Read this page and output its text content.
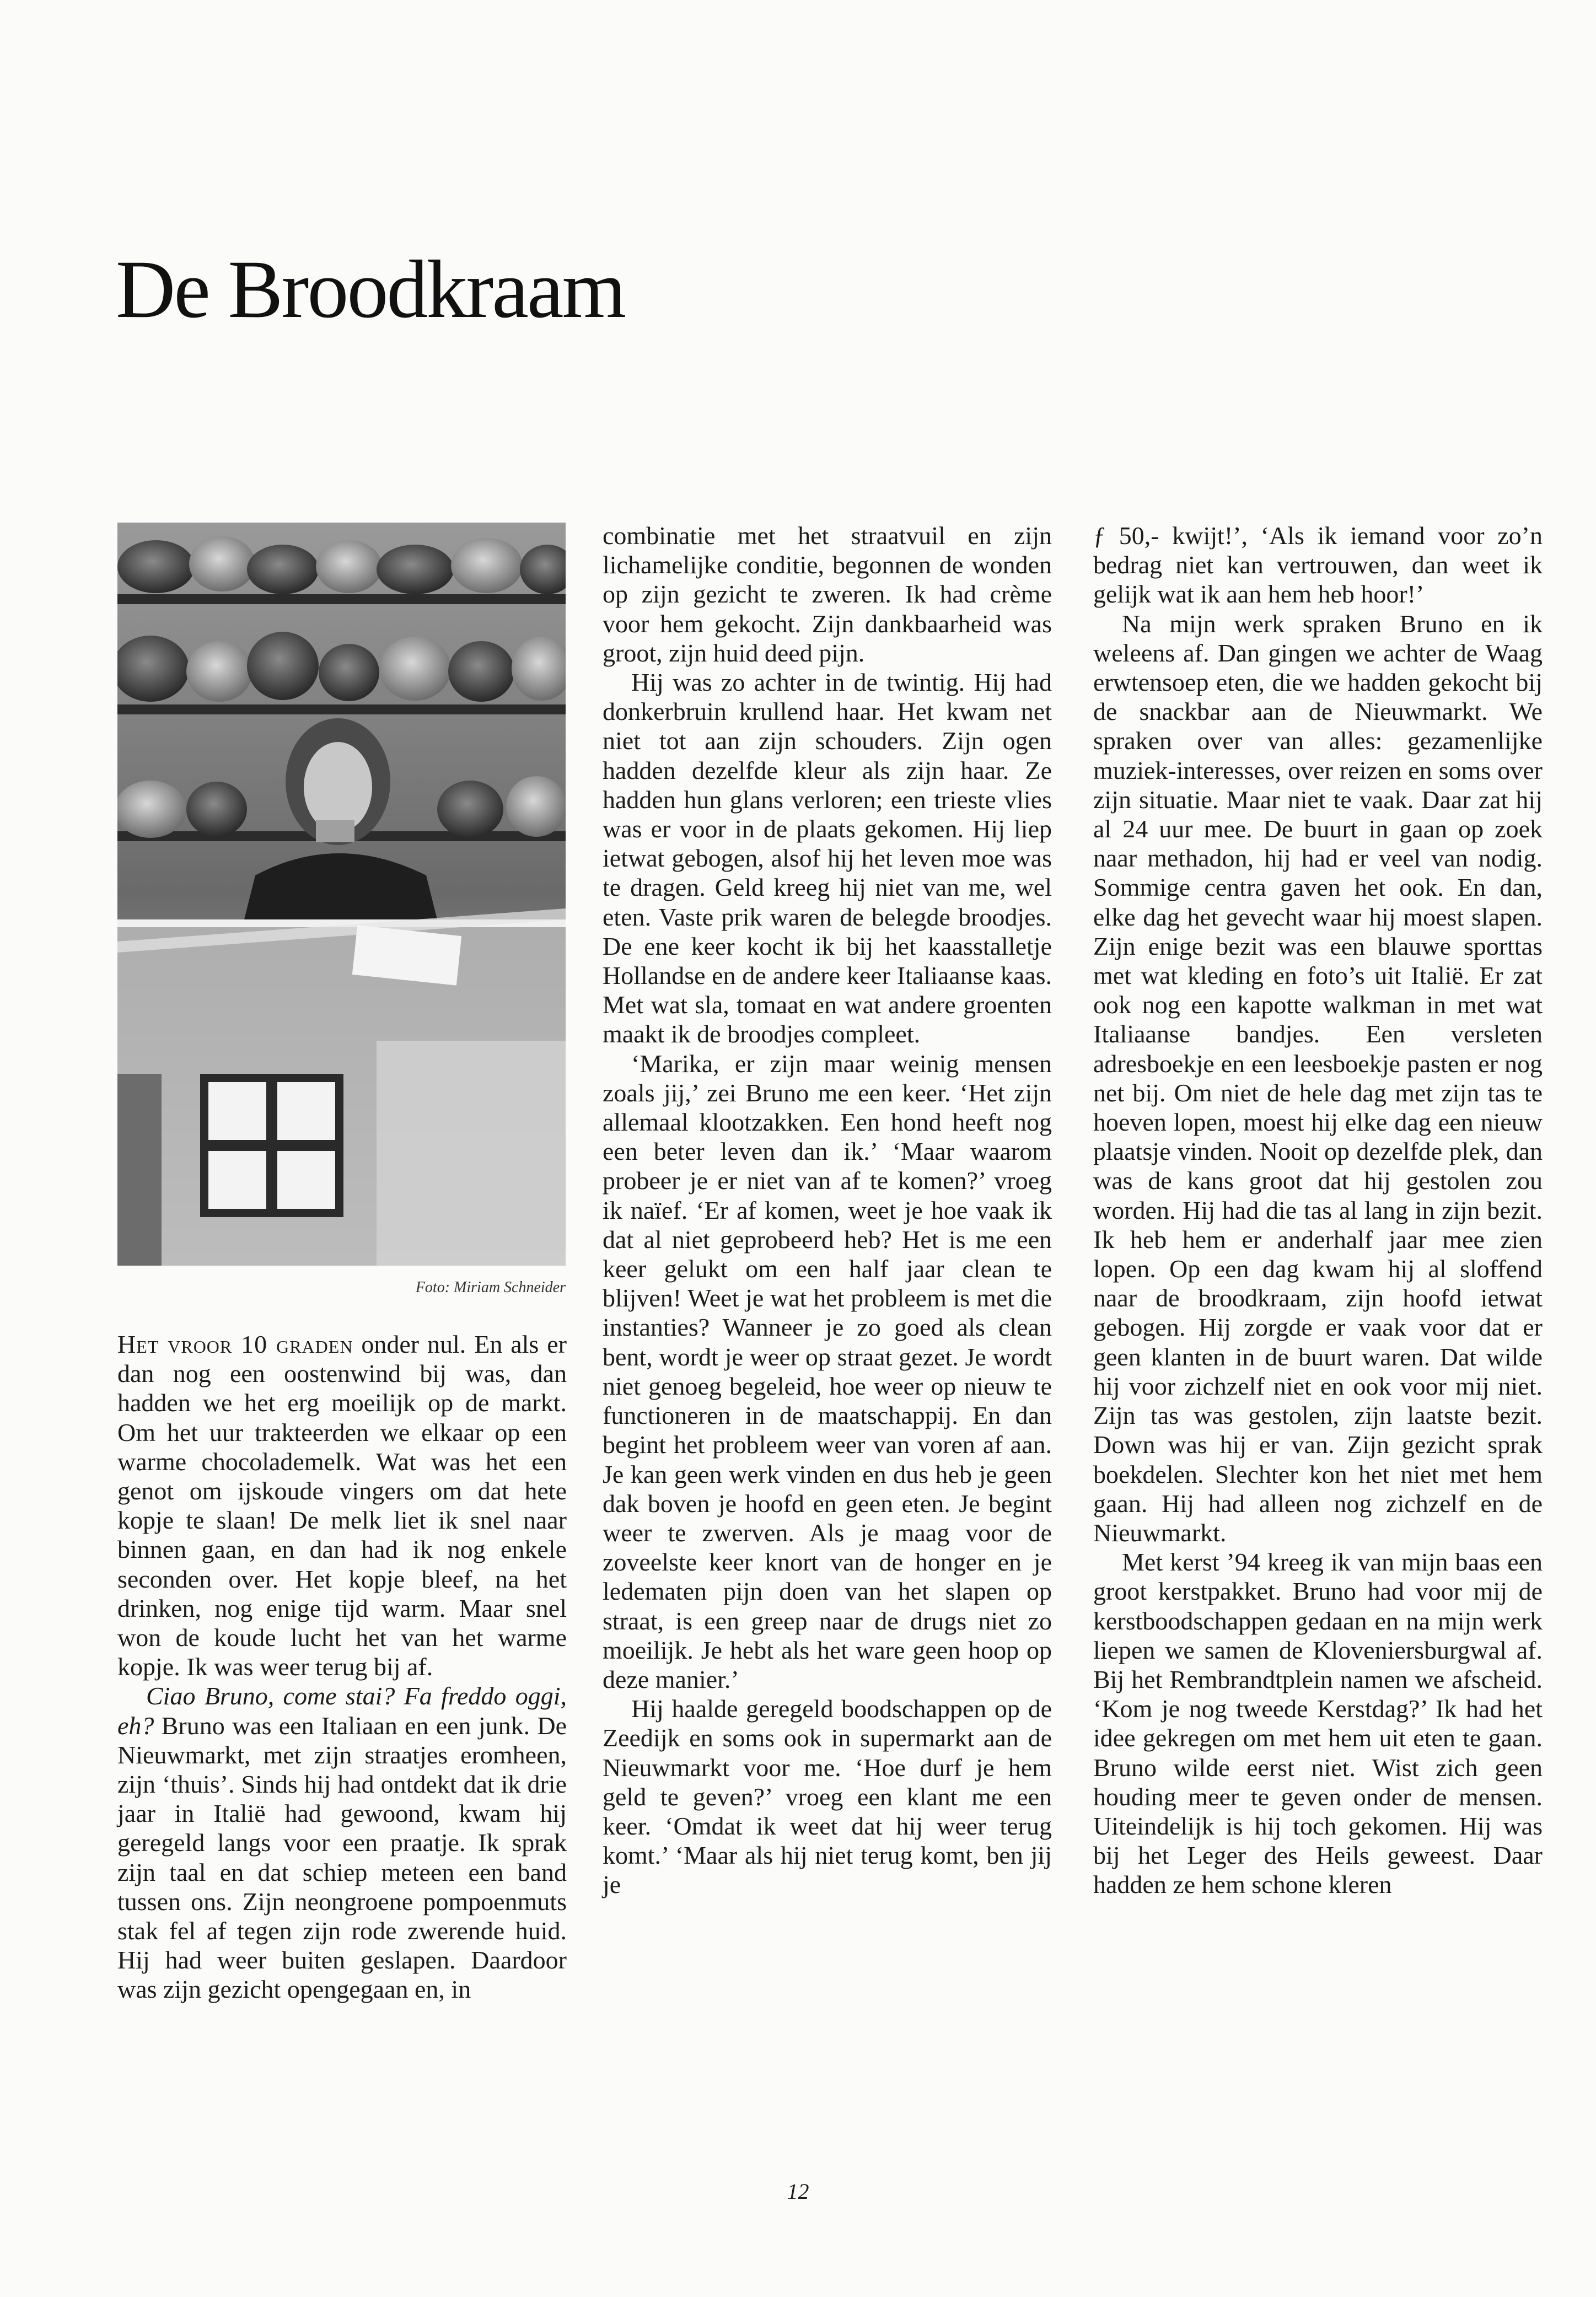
De Broodkraam
Foto: Miriam Schneider

Het vroor 10 graden onder nul. En als er dan nog een oostenwind bij was, dan hadden we het erg moeilijk op de markt. Om het uur trakteerden we elkaar op een warme chocolademelk. Wat was het een genot om ijskoude vingers om dat hete kopje te slaan! De melk liet ik snel naar binnen gaan, en dan had ik nog enkele seconden over. Het kopje bleef, na het drinken, nog enige tijd warm. Maar snel won de koude lucht het van het warme kopje. Ik was weer terug bij af.

Ciao Bruno, come stai? Fa freddo oggi, eh? Bruno was een Italiaan en een junk. De Nieuwmarkt, met zijn straatjes eromheen, zijn ‘thuis’. Sinds hij had ontdekt dat ik drie jaar in Italië had gewoond, kwam hij geregeld langs voor een praatje. Ik sprak zijn taal en dat schiep meteen een band tussen ons. Zijn neongroene pompoenmuts stak fel af tegen zijn rode zwerende huid. Hij had weer buiten geslapen. Daardoor was zijn gezicht opengegaan en, in

combinatie met het straatvuil en zijn lichamelijke conditie, begonnen de wonden op zijn gezicht te zweren. Ik had crème voor hem gekocht. Zijn dankbaarheid was groot, zijn huid deed pijn.

Hij was zo achter in de twintig. Hij had donkerbruin krullend haar. Het kwam net niet tot aan zijn schouders. Zijn ogen hadden dezelfde kleur als zijn haar. Ze hadden hun glans verloren; een trieste vlies was er voor in de plaats gekomen. Hij liep ietwat gebogen, alsof hij het leven moe was te dragen. Geld kreeg hij niet van me, wel eten. Vaste prik waren de belegde broodjes. De ene keer kocht ik bij het kaasstalletje Hollandse en de andere keer Italiaanse kaas. Met wat sla, tomaat en wat andere groenten maakt ik de broodjes compleet.

‘Marika, er zijn maar weinig mensen zoals jij,’ zei Bruno me een keer. ‘Het zijn allemaal klootzakken. Een hond heeft nog een beter leven dan ik.’ ‘Maar waarom probeer je er niet van af te komen?’ vroeg ik naïef. ‘Er af komen, weet je hoe vaak ik dat al niet geprobeerd heb? Het is me een keer gelukt om een half jaar clean te blijven! Weet je wat het probleem is met die instanties? Wanneer je zo goed als clean bent, wordt je weer op straat gezet. Je wordt niet genoeg begeleid, hoe weer op nieuw te functioneren in de maatschappij. En dan begint het probleem weer van voren af aan. Je kan geen werk vinden en dus heb je geen dak boven je hoofd en geen eten. Je begint weer te zwerven. Als je maag voor de zoveelste keer knort van de honger en je ledematen pijn doen van het slapen op straat, is een greep naar de drugs niet zo moeilijk. Je hebt als het ware geen hoop op deze manier.’

Hij haalde geregeld boodschappen op de Zeedijk en soms ook in supermarkt aan de Nieuwmarkt voor me. ‘Hoe durf je hem geld te geven?’ vroeg een klant me een keer. ‘Omdat ik weet dat hij weer terug komt.’ ‘Maar als hij niet terug komt, ben jij je

ƒ 50,- kwijt!’, ‘Als ik iemand voor zo’n bedrag niet kan vertrouwen, dan weet ik gelijk wat ik aan hem heb hoor!’

Na mijn werk spraken Bruno en ik weleens af. Dan gingen we achter de Waag erwtensoep eten, die we hadden gekocht bij de snackbar aan de Nieuwmarkt. We spraken over van alles: gezamenlijke muziek-interesses, over reizen en soms over zijn situatie. Maar niet te vaak. Daar zat hij al 24 uur mee. De buurt in gaan op zoek naar methadon, hij had er veel van nodig. Sommige centra gaven het ook. En dan, elke dag het gevecht waar hij moest slapen. Zijn enige bezit was een blauwe sporttas met wat kleding en foto’s uit Italië. Er zat ook nog een kapotte walkman in met wat Italiaanse bandjes. Een versleten adresboekje en een leesboekje pasten er nog net bij. Om niet de hele dag met zijn tas te hoeven lopen, moest hij elke dag een nieuw plaatsje vinden. Nooit op dezelfde plek, dan was de kans groot dat hij gestolen zou worden. Hij had die tas al lang in zijn bezit. Ik heb hem er anderhalf jaar mee zien lopen. Op een dag kwam hij al sloffend naar de broodkraam, zijn hoofd ietwat gebogen. Hij zorgde er vaak voor dat er geen klanten in de buurt waren. Dat wilde hij voor zichzelf niet en ook voor mij niet. Zijn tas was gestolen, zijn laatste bezit. Down was hij er van. Zijn gezicht sprak boekdelen. Slechter kon het niet met hem gaan. Hij had alleen nog zichzelf en de Nieuwmarkt.

Met kerst ’94 kreeg ik van mijn baas een groot kerstpakket. Bruno had voor mij de kerstboodschappen gedaan en na mijn werk liepen we samen de Kloveniersburgwal af. Bij het Rembrandtplein namen we afscheid. ‘Kom je nog tweede Kerstdag?’ Ik had het idee gekregen om met hem uit eten te gaan. Bruno wilde eerst niet. Wist zich geen houding meer te geven onder de mensen. Uiteindelijk is hij toch gekomen. Hij was bij het Leger des Heils geweest. Daar hadden ze hem schone kleren

12
